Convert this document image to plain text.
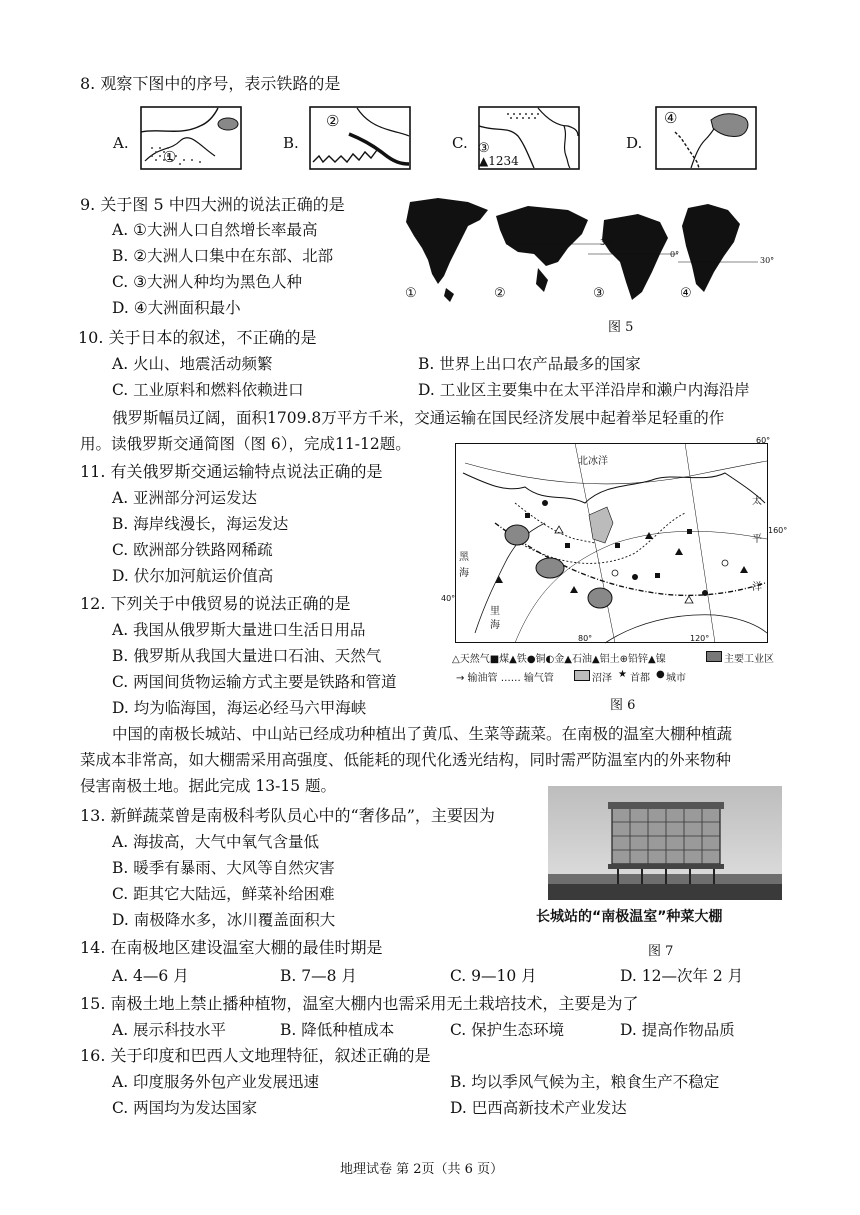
8. 观察下图中的序号，表示铁路的是
A.
①
B.
②
C. ③
▲1234
D.
④
9. 关于图 5 中四大洲的说法正确的是
A. ①大洲人口自然增长率最高
B. ②大洲人口集中在东部、北部
C. ③大洲人种均为黑色人种
D. ④大洲面积最小
①	②	③	④
30°
0°
30°
图 5
10. 关于日本的叙述，不正确的是
A. 火山、地震活动频繁	B. 世界上出口农产品最多的国家
C. 工业原料和燃料依赖进口	D. 工业区主要集中在太平洋沿岸和濑户内海沿岸
俄罗斯幅员辽阔，面积1709.8万平方千米，交通运输在国民经济发展中起着举足轻重的作
用。读俄罗斯交通简图（图 6），完成11-12题。
11. 有关俄罗斯交通运输特点说法正确的是
A. 亚洲部分河运发达
B. 海岸线漫长，海运发达
C. 欧洲部分铁路网稀疏
D. 伏尔加河航运价值高
12. 下列关于中俄贸易的说法正确的是
A. 我国从俄罗斯大量进口生活日用品
B. 俄罗斯从我国大量进口石油、天然气
C. 两国间货物运输方式主要是铁路和管道
D. 均为临海国，海运必经马六甲海峡
北冰洋
太
平
洋
黑
海
里
海
60°
40°
80°	120°
160°
△天然气■煤▲铁●铜◐金▲石油▲铝土⊕铅锌▲镍	主要工业区
→ 输油管 …… 输气管	沼泽 ★ 首都 ● 城市
图 6
中国的南极长城站、中山站已经成功种植出了黄瓜、生菜等蔬菜。在南极的温室大棚种植蔬
菜成本非常高，如大棚需采用高强度、低能耗的现代化透光结构，同时需严防温室内的外来物种
侵害南极土地。据此完成 13-15 题。
13. 新鲜蔬菜曾是南极科考队员心中的“奢侈品”，主要因为
A. 海拔高，大气中氧气含量低
B. 暖季有暴雨、大风等自然灾害
C. 距其它大陆远，鲜菜补给困难
D. 南极降水多，冰川覆盖面积大	长城站的“南极温室”种菜大棚
图 7
14. 在南极地区建设温室大棚的最佳时期是
A. 4—6 月	B. 7—8 月	C. 9—10 月	D. 12—次年 2 月
15. 南极土地上禁止播种植物，温室大棚内也需采用无土栽培技术，主要是为了
A. 展示科技水平	B. 降低种植成本	C. 保护生态环境	D. 提高作物品质
16. 关于印度和巴西人文地理特征，叙述正确的是
A. 印度服务外包产业发展迅速	B. 均以季风气候为主，粮食生产不稳定
C. 两国均为发达国家	D. 巴西高新技术产业发达
地理试卷 第 2页（共 6 页）
